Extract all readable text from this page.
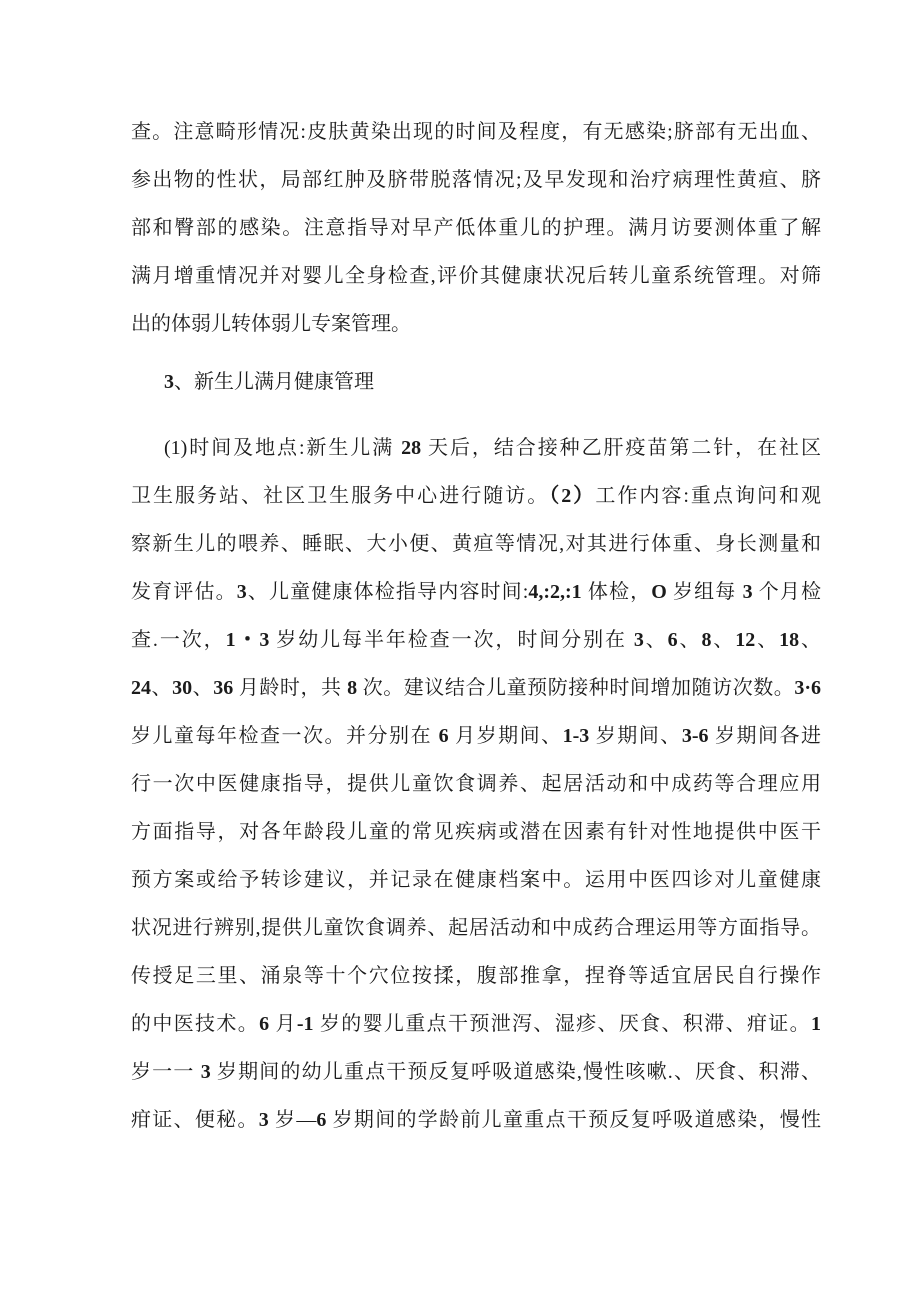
查。注意畸形情况:皮肤黄染出现的时间及程度，有无感染;脐部有无出血、
参出物的性状，局部红肿及脐带脱落情况;及早发现和治疗病理性黄疸、脐
部和臀部的感染。注意指导对早产低体重儿的护理。满月访要测体重了解
满月增重情况并对婴儿全身检查,评价其健康状况后转儿童系统管理。对筛
出的体弱儿转体弱儿专案管理。
3、新生儿满月健康管理
(1)时间及地点:新生儿满 28 天后，结合接种乙肝疫苗第二针，在社区
卫生服务站、社区卫生服务中心进行随访。（2）工作内容:重点询问和观
察新生儿的喂养、睡眠、大小便、黄疸等情况,对其进行体重、身长测量和
发育评估。3、儿童健康体检指导内容时间:4,:2,:1 体检，O 岁组每 3 个月检
查.一次，1・3 岁幼儿每半年检查一次，时间分别在 3、6、8、12、18、
24、30、36 月龄时，共 8 次。建议结合儿童预防接种时间增加随访次数。3·6
岁儿童每年检查一次。并分别在 6 月岁期间、1-3 岁期间、3-6 岁期间各进
行一次中医健康指导，提供儿童饮食调养、起居活动和中成药等合理应用
方面指导，对各年龄段儿童的常见疾病或潜在因素有针对性地提供中医干
预方案或给予转诊建议，并记录在健康档案中。运用中医四诊对儿童健康
状况进行辨别,提供儿童饮食调养、起居活动和中成药合理运用等方面指导。
传授足三里、涌泉等十个穴位按揉，腹部推拿，捏脊等适宜居民自行操作
的中医技术。6 月-1 岁的婴儿重点干预泄泻、湿疹、厌食、积滞、疳证。1
岁一一 3 岁期间的幼儿重点干预反复呼吸道感染,慢性咳嗽.、厌食、积滞、
疳证、便秘。3 岁—6 岁期间的学龄前儿童重点干预反复呼吸道感染，慢性
